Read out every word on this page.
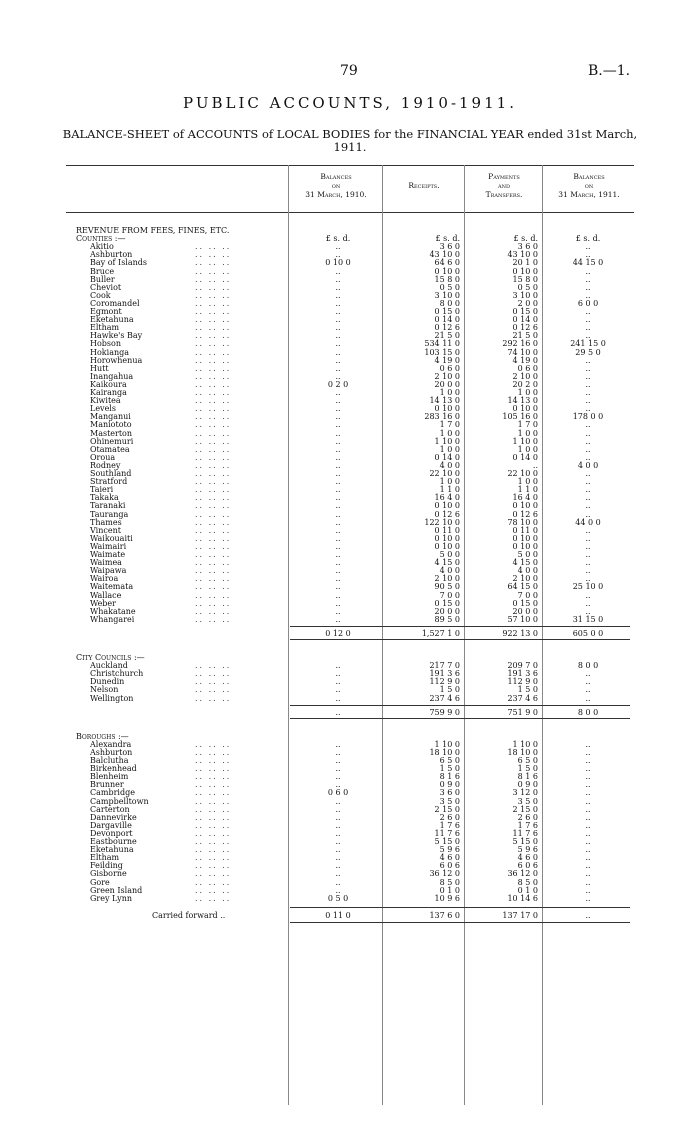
79	B.—1.
PUBLIC ACCOUNTS, 1910-1911.
BALANCE-SHEET of ACCOUNTS of LOCAL BODIES for the FINANCIAL YEAR ended 31st March, 1911.
Balances
on
31 March, 1910.
Receipts.
Payments
and
Transfers.
Balances
on
31 March, 1911.
REVENUE FROM FEES, FINES, ETC.
Counties :—	£ s. d.	£ s. d.	£ s. d.	£ s. d.
Akitio	.. .. ..	..	3 6 0	3 6 0	..
Ashburton	.. .. ..	..	43 10 0	43 10 0	..
Bay of Islands	.. .. ..	0 10 0	64 6 0	20 1 0	44 15 0
Bruce	.. .. ..	..	0 10 0	0 10 0	..
Buller	.. .. ..	..	15 8 0	15 8 0	..
Cheviot	.. .. ..	..	0 5 0	0 5 0	..
Cook	.. .. ..	..	3 10 0	3 10 0	..
Coromandel	.. .. ..	..	8 0 0	2 0 0	6 0 0
Egmont	.. .. ..	..	0 15 0	0 15 0	..
Eketahuna	.. .. ..	..	0 14 0	0 14 0	..
Eltham	.. .. ..	..	0 12 6	0 12 6	..
Hawke's Bay	.. .. ..	..	21 5 0	21 5 0	..
Hobson	.. .. ..	..	534 11 0	292 16 0	241 15 0
Hokianga	.. .. ..	..	103 15 0	74 10 0	29 5 0
Horowhenua	.. .. ..	..	4 19 0	4 19 0	..
Hutt	.. .. ..	..	0 6 0	0 6 0	..
Inangahua	.. .. ..	..	2 10 0	2 10 0	..
Kaikoura	.. .. ..	0 2 0	20 0 0	20 2 0	..
Kairanga	.. .. ..	..	1 0 0	1 0 0	..
Kiwitea	.. .. ..	..	14 13 0	14 13 0	..
Levels	.. .. ..	..	0 10 0	0 10 0	..
Manganui	.. .. ..	..	283 16 0	105 16 0	178 0 0
Maniototo	.. .. ..	..	1 7 0	1 7 0	..
Masterton	.. .. ..	..	1 0 0	1 0 0	..
Ohinemuri	.. .. ..	..	1 10 0	1 10 0	..
Otamatea	.. .. ..	..	1 0 0	1 0 0	..
Oroua	.. .. ..	..	0 14 0	0 14 0	..
Rodney	.. .. ..	..	4 0 0	..	4 0 0
Southland	.. .. ..	..	22 10 0	22 10 0	..
Stratford	.. .. ..	..	1 0 0	1 0 0	..
Taieri	.. .. ..	..	1 1 0	1 1 0	..
Takaka	.. .. ..	..	16 4 0	16 4 0	..
Taranaki	.. .. ..	..	0 10 0	0 10 0	..
Tauranga	.. .. ..	..	0 12 6	0 12 6	..
Thames	.. .. ..	..	122 10 0	78 10 0	44 0 0
Vincent	.. .. ..	..	0 11 0	0 11 0	..
Waikouaiti	.. .. ..	..	0 10 0	0 10 0	..
Waimairi	.. .. ..	..	0 10 0	0 10 0	..
Waimate	.. .. ..	..	5 0 0	5 0 0	..
Waimea	.. .. ..	..	4 15 0	4 15 0	..
Waipawa	.. .. ..	..	4 0 0	4 0 0	..
Wairoa	.. .. ..	..	2 10 0	2 10 0	..
Waitemata	.. .. ..	..	90 5 0	64 15 0	25 10 0
Wallace	.. .. ..	..	7 0 0	7 0 0	..
Weber	.. .. ..	..	0 15 0	0 15 0	..
Whakatane	.. .. ..	..	20 0 0	20 0 0	..
Whangarei	.. .. ..	..	89 5 0	57 10 0	31 15 0
0 12 0	1,527 1 0	922 13 0	605 0 0
City Councils :—
Auckland	.. .. ..	..	217 7 0	209 7 0	8 0 0
Christchurch	.. .. ..	..	191 3 6	191 3 6	..
Dunedin	.. .. ..	..	112 9 0	112 9 0	..
Nelson	.. .. ..	..	1 5 0	1 5 0	..
Wellington	.. .. ..	..	237 4 6	237 4 6	..
..	759 9 0	751 9 0	8 0 0
Boroughs :—
Alexandra	.. .. ..	..	1 10 0	1 10 0	..
Ashburton	.. .. ..	..	18 10 0	18 10 0	..
Balclutha	.. .. ..	..	6 5 0	6 5 0	..
Birkenhead	.. .. ..	..	1 5 0	1 5 0	..
Blenheim	.. .. ..	..	8 1 6	8 1 6	..
Brunner	.. .. ..	..	0 9 0	0 9 0	..
Cambridge	.. .. ..	0 6 0	3 6 0	3 12 0	..
Campbelltown	.. .. ..	..	3 5 0	3 5 0	..
Carterton	.. .. ..	..	2 15 0	2 15 0	..
Dannevirke	.. .. ..	..	2 6 0	2 6 0	..
Dargaville	.. .. ..	..	1 7 6	1 7 6	..
Devonport	.. .. ..	..	11 7 6	11 7 6	..
Eastbourne	.. .. ..	..	5 15 0	5 15 0	..
Eketahuna	.. .. ..	..	5 9 6	5 9 6	..
Eltham	.. .. ..	..	4 6 0	4 6 0	..
Feilding	.. .. ..	..	6 0 6	6 0 6	..
Gisborne	.. .. ..	..	36 12 0	36 12 0	..
Gore	.. .. ..	..	8 5 0	8 5 0	..
Green Island	.. .. ..	..	0 1 0	0 1 0	..
Grey Lynn	.. .. ..	0 5 0	10 9 6	10 14 6	..
Carried forward ..	0 11 0	137 6 0	137 17 0	..
